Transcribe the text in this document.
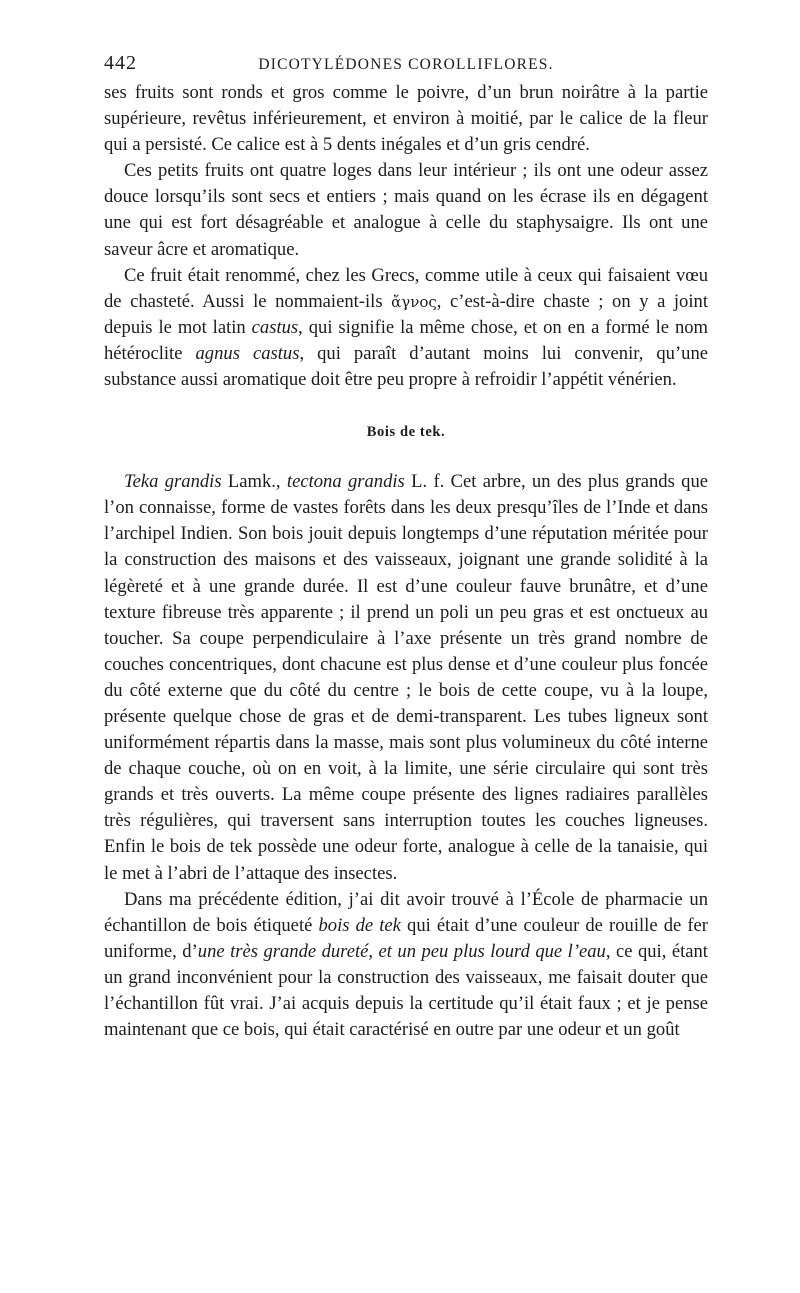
442	DICOTYLÉDONES COROLLIFLORES.

ses fruits sont ronds et gros comme le poivre, d’un brun noirâtre à la partie supérieure, revêtus inférieurement, et environ à moitié, par le calice de la fleur qui a persisté. Ce calice est à 5 dents inégales et d’un gris cendré.

Ces petits fruits ont quatre loges dans leur intérieur ; ils ont une odeur assez douce lorsqu’ils sont secs et entiers ; mais quand on les écrase ils en dégagent une qui est fort désagréable et analogue à celle du staphysaigre. Ils ont une saveur âcre et aromatique.

Ce fruit était renommé, chez les Grecs, comme utile à ceux qui faisaient vœu de chasteté. Aussi le nommaient-ils ἄγνος, c’est-à-dire chaste ; on y a joint depuis le mot latin castus, qui signifie la même chose, et on en a formé le nom hétéroclite agnus castus, qui paraît d’autant moins lui convenir, qu’une substance aussi aromatique doit être peu propre à refroidir l’appétit vénérien.

Bois de tek.

Teka grandis Lamk., tectona grandis L. f. Cet arbre, un des plus grands que l’on connaisse, forme de vastes forêts dans les deux presqu’îles de l’Inde et dans l’archipel Indien. Son bois jouit depuis longtemps d’une réputation méritée pour la construction des maisons et des vaisseaux, joignant une grande solidité à la légèreté et à une grande durée. Il est d’une couleur fauve brunâtre, et d’une texture fibreuse très apparente ; il prend un poli un peu gras et est onctueux au toucher. Sa coupe perpendiculaire à l’axe présente un très grand nombre de couches concentriques, dont chacune est plus dense et d’une couleur plus foncée du côté externe que du côté du centre ; le bois de cette coupe, vu à la loupe, présente quelque chose de gras et de demi-transparent. Les tubes ligneux sont uniformément répartis dans la masse, mais sont plus volumineux du côté interne de chaque couche, où on en voit, à la limite, une série circulaire qui sont très grands et très ouverts. La même coupe présente des lignes radiaires parallèles très régulières, qui traversent sans interruption toutes les couches ligneuses. Enfin le bois de tek possède une odeur forte, analogue à celle de la tanaisie, qui le met à l’abri de l’attaque des insectes.

Dans ma précédente édition, j’ai dit avoir trouvé à l’École de pharmacie un échantillon de bois étiqueté bois de tek qui était d’une couleur de rouille de fer uniforme, d’une très grande dureté, et un peu plus lourd que l’eau, ce qui, étant un grand inconvénient pour la construction des vaisseaux, me faisait douter que l’échantillon fût vrai. J’ai acquis depuis la certitude qu’il était faux ; et je pense maintenant que ce bois, qui était caractérisé en outre par une odeur et un goût
